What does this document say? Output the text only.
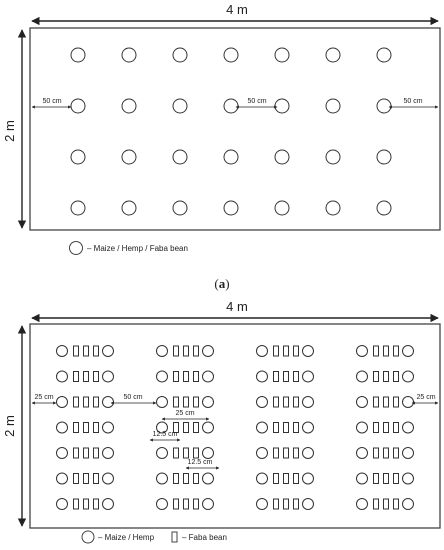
4 m
2 m
50 cm	50 cm	50 cm
– Maize / Hemp / Faba bean
(a)
4 m
2 m
25 cm	50 cm	25 cm
25 cm
12.5 cm
12.5 cm
– Maize / Hemp	– Faba bean
